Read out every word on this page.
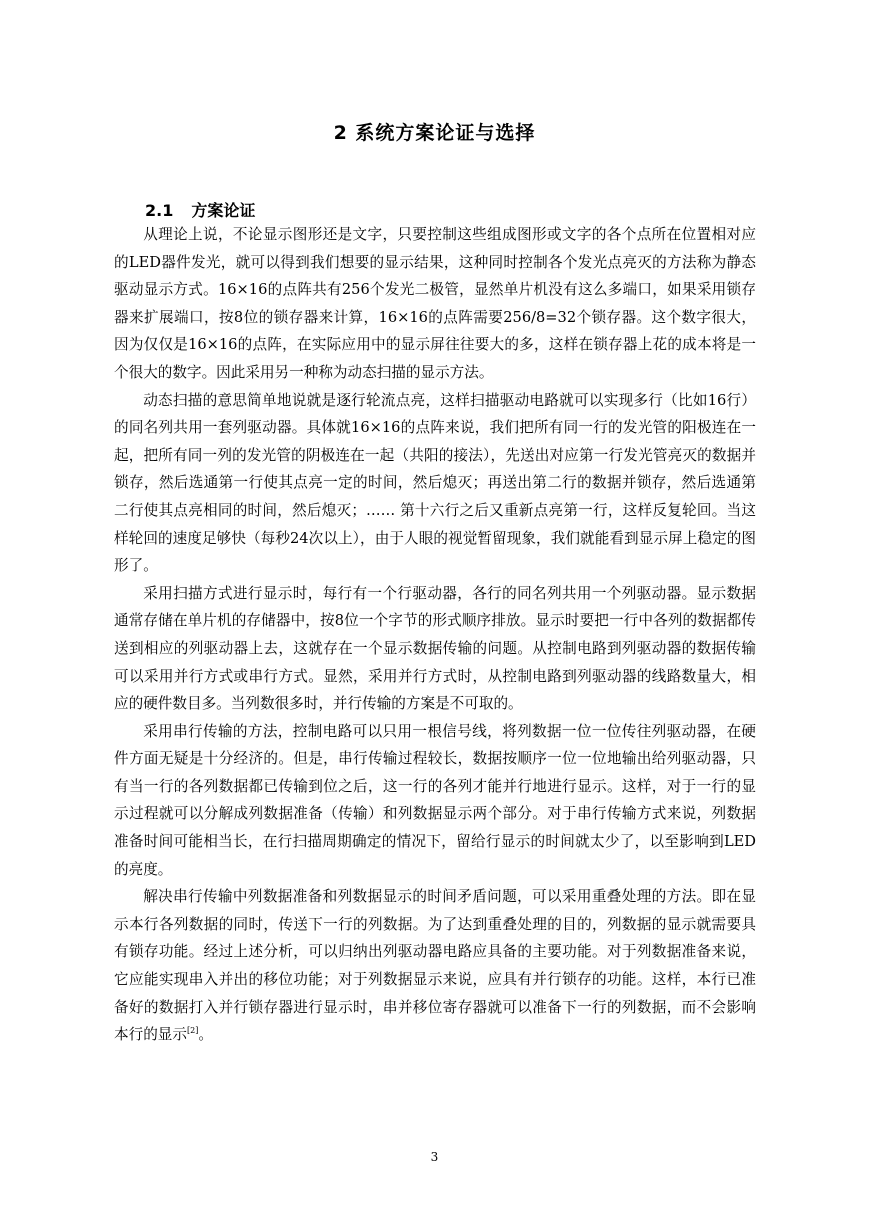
2 系统方案论证与选择
2.1 方案论证

从理论上说，不论显示图形还是文字，只要控制这些组成图形或文字的各个点所在位置相对应的LED器件发光，就可以得到我们想要的显示结果，这种同时控制各个发光点亮灭的方法称为静态驱动显示方式。16×16的点阵共有256个发光二极管，显然单片机没有这么多端口，如果采用锁存器来扩展端口，按8位的锁存器来计算，16×16的点阵需要256/8=32个锁存器。这个数字很大，因为仅仅是16×16的点阵，在实际应用中的显示屏往往要大的多，这样在锁存器上花的成本将是一个很大的数字。因此采用另一种称为动态扫描的显示方法。

动态扫描的意思简单地说就是逐行轮流点亮，这样扫描驱动电路就可以实现多行（比如16行）的同名列共用一套列驱动器。具体就16×16的点阵来说，我们把所有同一行的发光管的阳极连在一起，把所有同一列的发光管的阴极连在一起（共阳的接法），先送出对应第一行发光管亮灭的数据并锁存，然后选通第一行使其点亮一定的时间，然后熄灭；再送出第二行的数据并锁存，然后选通第二行使其点亮相同的时间，然后熄灭；…… 第十六行之后又重新点亮第一行，这样反复轮回。当这样轮回的速度足够快（每秒24次以上），由于人眼的视觉暂留现象，我们就能看到显示屏上稳定的图形了。

采用扫描方式进行显示时，每行有一个行驱动器，各行的同名列共用一个列驱动器。显示数据通常存储在单片机的存储器中，按8位一个字节的形式顺序排放。显示时要把一行中各列的数据都传送到相应的列驱动器上去，这就存在一个显示数据传输的问题。从控制电路到列驱动器的数据传输可以采用并行方式或串行方式。显然，采用并行方式时，从控制电路到列驱动器的线路数量大，相应的硬件数目多。当列数很多时，并行传输的方案是不可取的。

采用串行传输的方法，控制电路可以只用一根信号线，将列数据一位一位传往列驱动器，在硬件方面无疑是十分经济的。但是，串行传输过程较长，数据按顺序一位一位地输出给列驱动器，只有当一行的各列数据都已传输到位之后，这一行的各列才能并行地进行显示。这样，对于一行的显示过程就可以分解成列数据准备（传输）和列数据显示两个部分。对于串行传输方式来说，列数据准备时间可能相当长，在行扫描周期确定的情况下，留给行显示的时间就太少了，以至影响到LED的亮度。

解决串行传输中列数据准备和列数据显示的时间矛盾问题，可以采用重叠处理的方法。即在显示本行各列数据的同时，传送下一行的列数据。为了达到重叠处理的目的，列数据的显示就需要具有锁存功能。经过上述分析，可以归纳出列驱动器电路应具备的主要功能。对于列数据准备来说，它应能实现串入并出的移位功能；对于列数据显示来说，应具有并行锁存的功能。这样，本行已准备好的数据打入并行锁存器进行显示时，串并移位寄存器就可以准备下一行的列数据，而不会影响本行的显示[2]。

3
